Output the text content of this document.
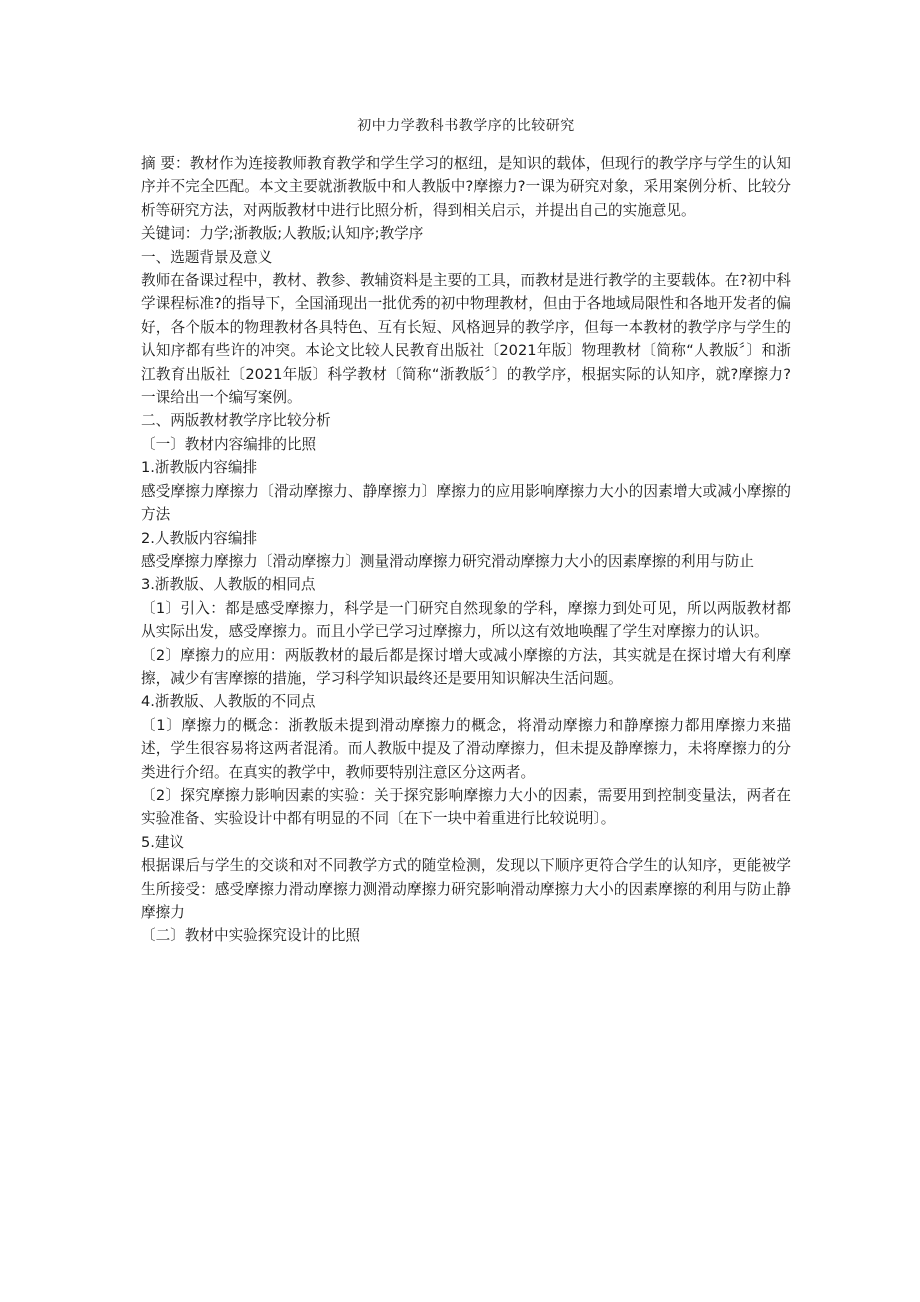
初中力学教科书教学序的比较研究

摘 要：教材作为连接教师教育教学和学生学习的枢纽，是知识的载体，但现行的教学序与学生的认知序并不完全匹配。本文主要就浙教版中和人教版中?摩擦力?一课为研究对象，采用案例分析、比较分析等研究方法，对两版教材中进行比照分析，得到相关启示，并提出自己的实施意见。

关键词：力学;浙教版;人教版;认知序;教学序

一、选题背景及意义

教师在备课过程中，教材、教参、教辅资料是主要的工具，而教材是进行教学的主要载体。在?初中科学课程标准?的指导下，全国涌现出一批优秀的初中物理教材，但由于各地域局限性和各地开发者的偏好，各个版本的物理教材各具特色、互有长短、风格迥异的教学序，但每一本教材的教学序与学生的认知序都有些许的冲突。本论文比较人民教育出版社〔2021年版〕物理教材〔简称“人教版〞〕和浙江教育出版社〔2021年版〕科学教材〔简称“浙教版〞〕的教学序，根据实际的认知序，就?摩擦力?一课给出一个编写案例。

二、两版教材教学序比较分析

〔一〕教材内容编排的比照

1.浙教版内容编排

感受摩擦力摩擦力〔滑动摩擦力、静摩擦力〕摩擦力的应用影响摩擦力大小的因素增大或减小摩擦的方法

2.人教版内容编排

感受摩擦力摩擦力〔滑动摩擦力〕测量滑动摩擦力研究滑动摩擦力大小的因素摩擦的利用与防止

3.浙教版、人教版的相同点

〔1〕引入：都是感受摩擦力，科学是一门研究自然现象的学科，摩擦力到处可见，所以两版教材都从实际出发，感受摩擦力。而且小学已学习过摩擦力，所以这有效地唤醒了学生对摩擦力的认识。

〔2〕摩擦力的应用：两版教材的最后都是探讨增大或减小摩擦的方法，其实就是在探讨增大有利摩擦，减少有害摩擦的措施，学习科学知识最终还是要用知识解决生活问题。

4.浙教版、人教版的不同点

〔1〕摩擦力的概念：浙教版未提到滑动摩擦力的概念，将滑动摩擦力和静摩擦力都用摩擦力来描述，学生很容易将这两者混淆。而人教版中提及了滑动摩擦力，但未提及静摩擦力，未将摩擦力的分类进行介绍。在真实的教学中，教师要特别注意区分这两者。

〔2〕探究摩擦力影响因素的实验：关于探究影响摩擦力大小的因素，需要用到控制变量法，两者在实验准备、实验设计中都有明显的不同〔在下一块中着重进行比较说明〕。

5.建议

根据课后与学生的交谈和对不同教学方式的随堂检测，发现以下顺序更符合学生的认知序，更能被学生所接受：感受摩擦力滑动摩擦力测滑动摩擦力研究影响滑动摩擦力大小的因素摩擦的利用与防止静摩擦力

〔二〕教材中实验探究设计的比照
